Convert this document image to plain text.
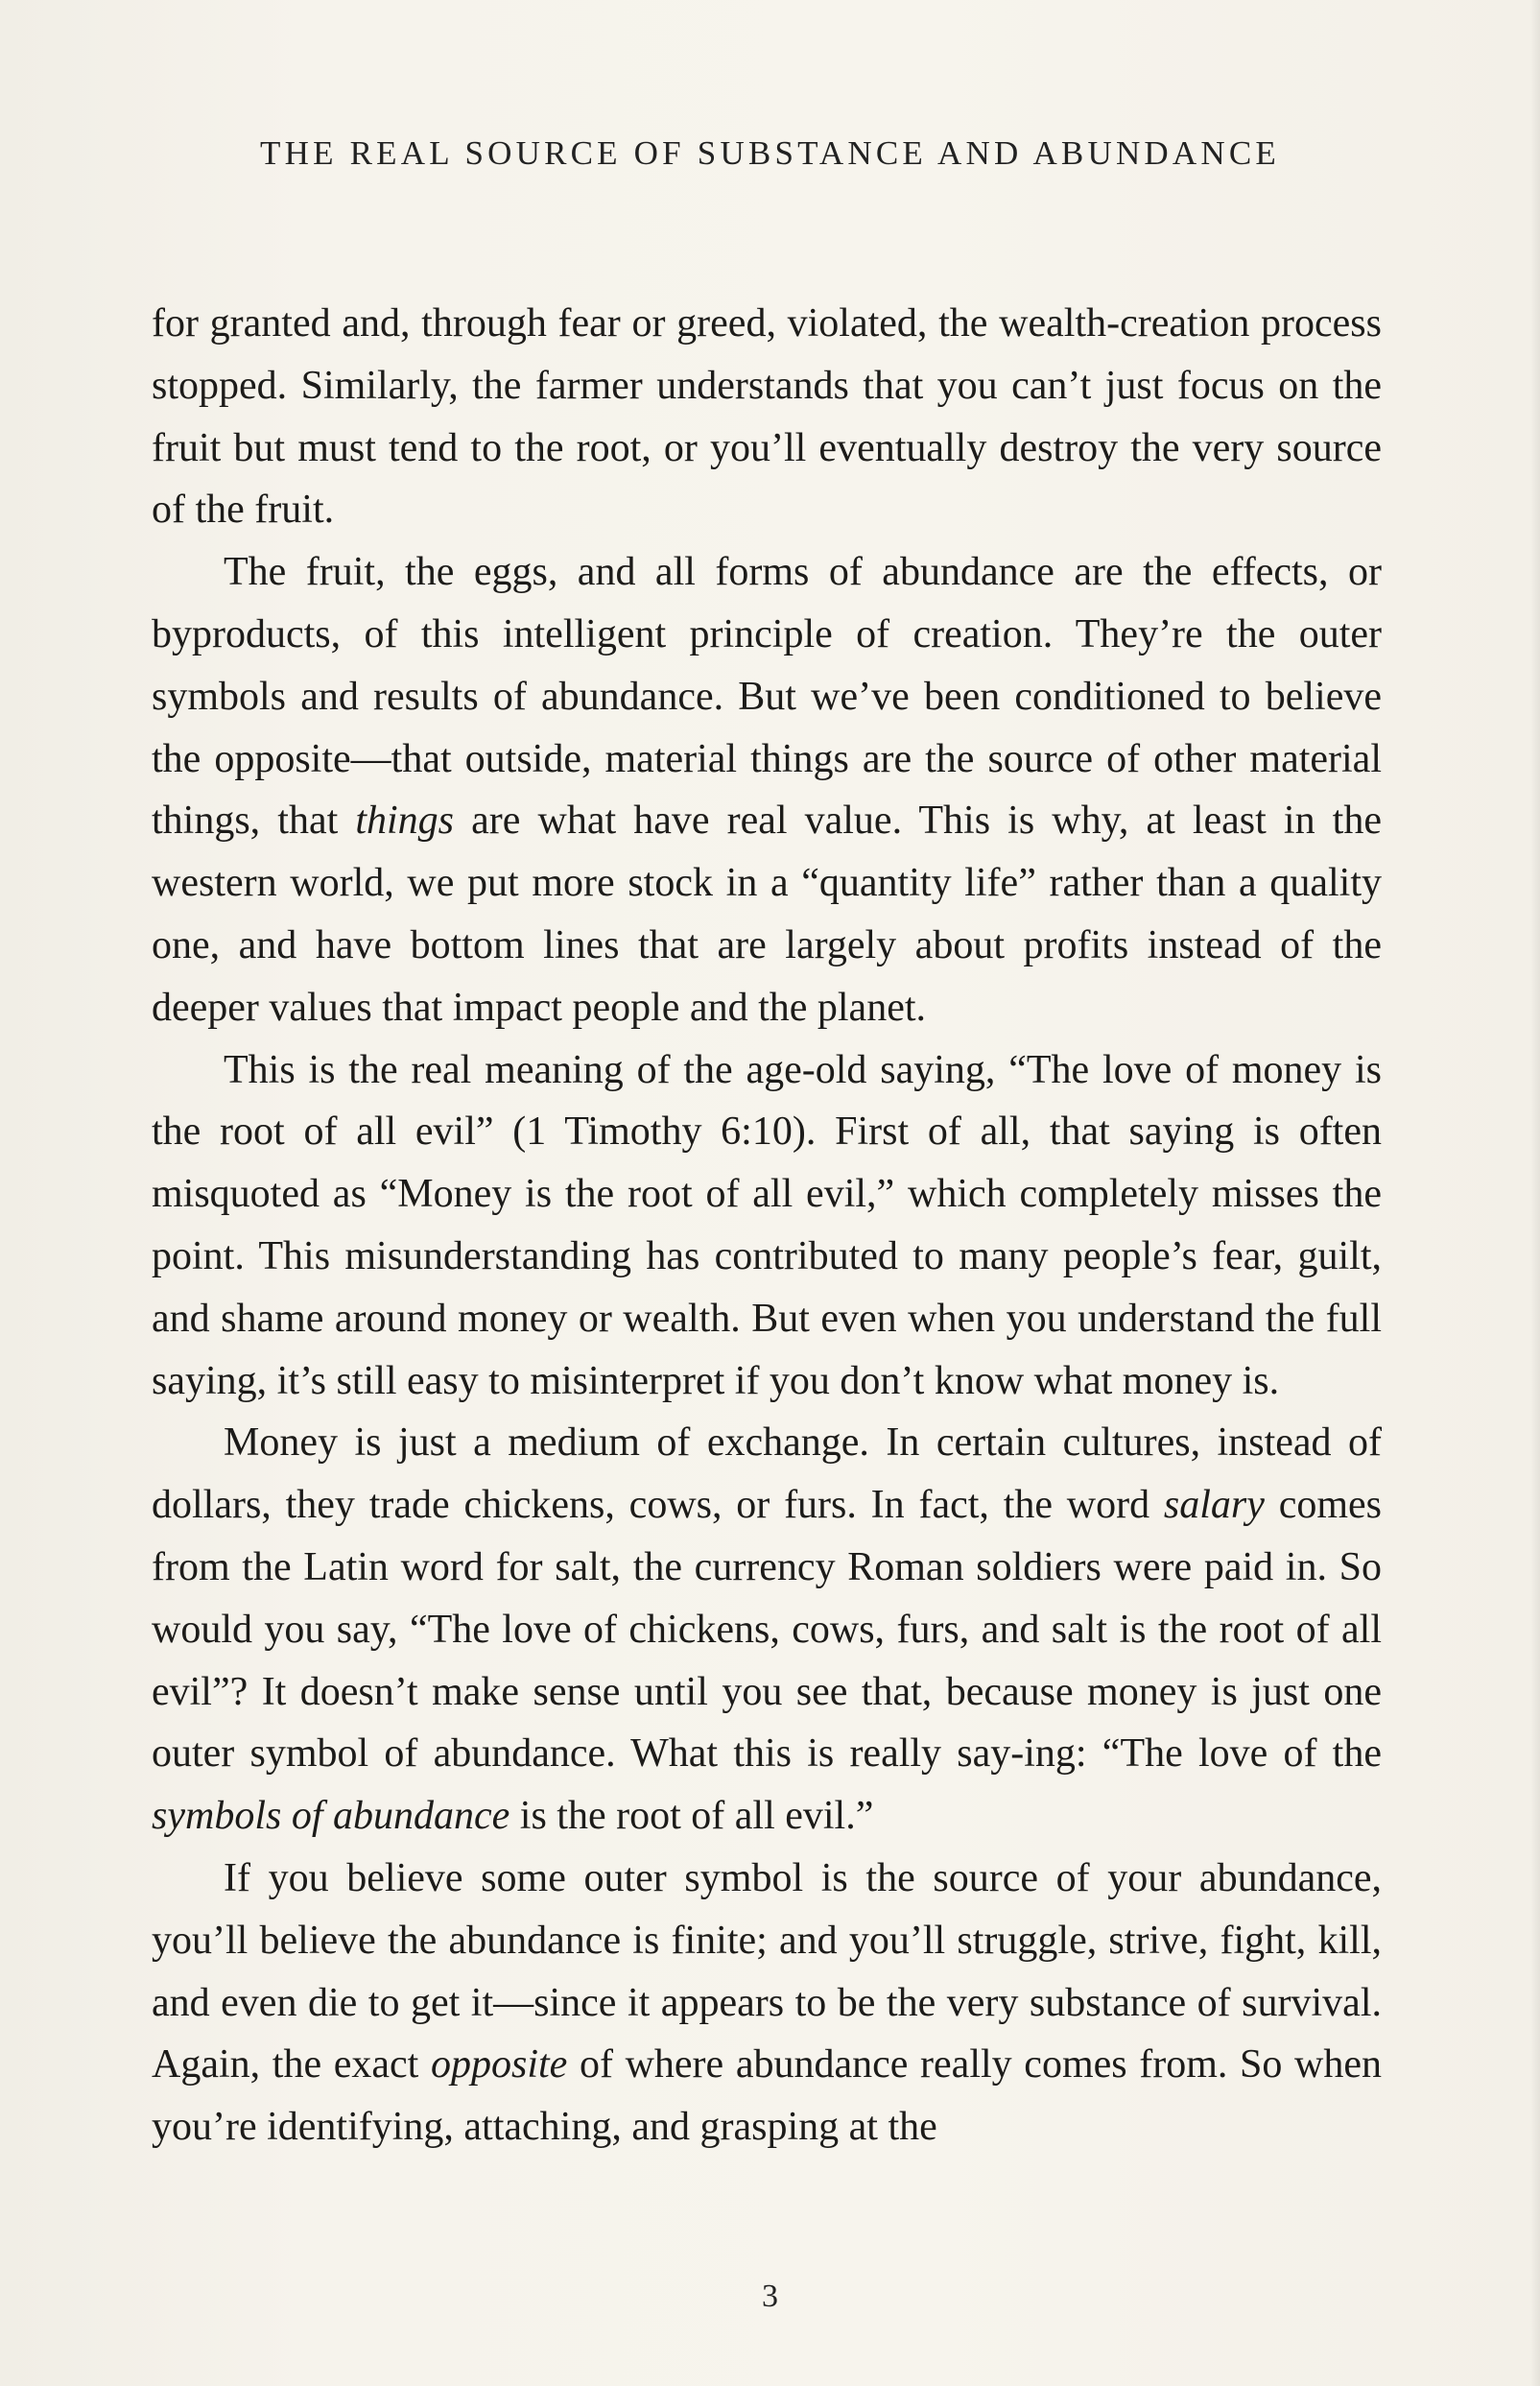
THE REAL SOURCE OF SUBSTANCE AND ABUNDANCE

for granted and, through fear or greed, violated, the wealth-creation process stopped. Similarly, the farmer understands that you can’t just focus on the fruit but must tend to the root, or you’ll eventually destroy the very source of the fruit.

The fruit, the eggs, and all forms of abundance are the effects, or byproducts, of this intelligent principle of creation. They’re the outer symbols and results of abundance. But we’ve been conditioned to believe the opposite—that outside, material things are the source of other material things, that things are what have real value. This is why, at least in the western world, we put more stock in a “quantity life” rather than a quality one, and have bottom lines that are largely about profits instead of the deeper values that impact people and the planet.

This is the real meaning of the age-old saying, “The love of money is the root of all evil” (1 Timothy 6:10). First of all, that saying is often misquoted as “Money is the root of all evil,” which completely misses the point. This misunderstanding has contributed to many people’s fear, guilt, and shame around money or wealth. But even when you understand the full saying, it’s still easy to misinterpret if you don’t know what money is.

Money is just a medium of exchange. In certain cultures, instead of dollars, they trade chickens, cows, or furs. In fact, the word salary comes from the Latin word for salt, the currency Roman soldiers were paid in. So would you say, “The love of chickens, cows, furs, and salt is the root of all evil”? It doesn’t make sense until you see that, because money is just one outer symbol of abundance. What this is really say-ing: “The love of the symbols of abundance is the root of all evil.”

If you believe some outer symbol is the source of your abundance, you’ll believe the abundance is finite; and you’ll struggle, strive, fight, kill, and even die to get it—since it appears to be the very substance of survival. Again, the exact opposite of where abundance really comes from. So when you’re identifying, attaching, and grasping at the

3
